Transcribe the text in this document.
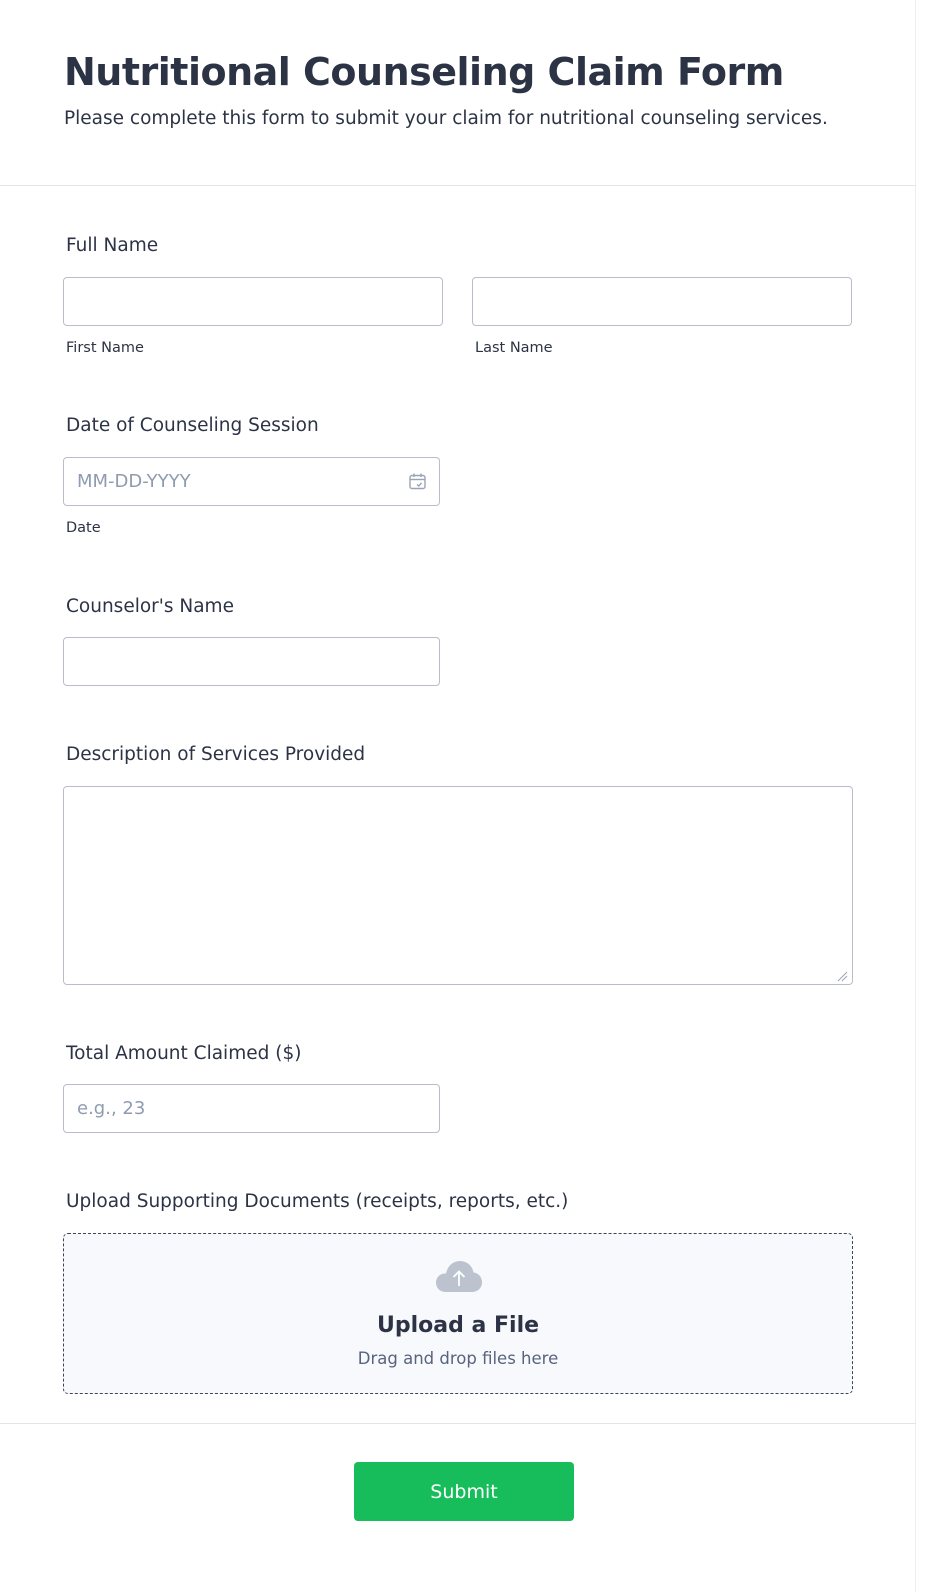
Nutritional Counseling Claim Form
Please complete this form to submit your claim for nutritional counseling services.
Full Name
First Name	Last Name
Date of Counseling Session
MM-DD-YYYY
Date
Counselor's Name
Description of Services Provided
Total Amount Claimed ($)
e.g., 23
Upload Supporting Documents (receipts, reports, etc.)
Upload a File
Drag and drop files here
Submit
